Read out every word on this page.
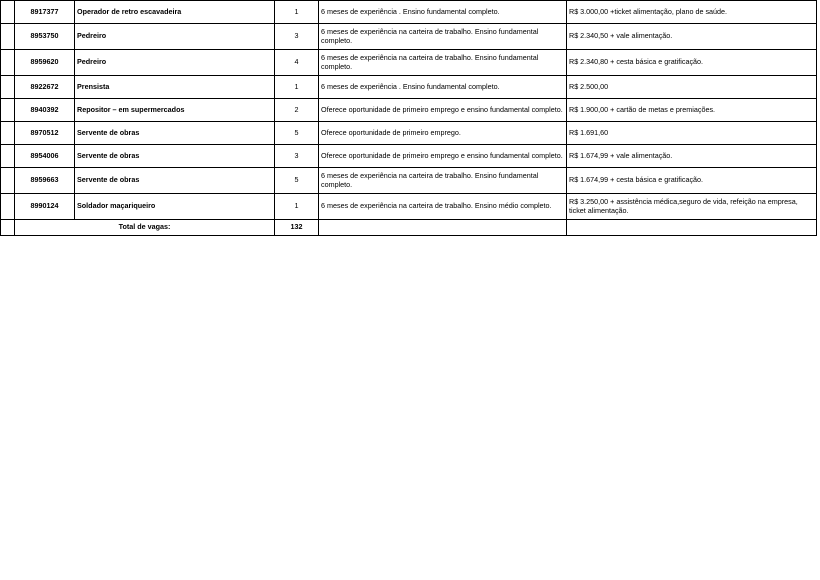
	8917377	Operador de retro escavadeira	1	6 meses de experiência . Ensino fundamental completo.	R$ 3.000,00 +ticket alimentação, plano de saúde.
	8953750	Pedreiro	3	6 meses de experiência na carteira de trabalho. Ensino fundamental completo.	R$ 2.340,50 + vale alimentação.
	8959620	Pedreiro	4	6 meses de experiência na carteira de trabalho. Ensino fundamental completo.	R$ 2.340,80 + cesta básica e gratificação.
	8922672	Prensista	1	6 meses de experiência . Ensino fundamental completo.	R$ 2.500,00
	8940392	Repositor – em supermercados	2	Oferece oportunidade de primeiro emprego e ensino fundamental completo.	R$ 1.900,00 + cartão de metas e premiações.
	8970512	Servente de obras	5	Oferece oportunidade de primeiro emprego.	R$ 1.691,60
	8954006	Servente de obras	3	Oferece oportunidade de primeiro emprego e ensino fundamental completo.	R$ 1.674,99 + vale alimentação.
	8959663	Servente de obras	5	6 meses de experiência na carteira de trabalho. Ensino fundamental completo.	R$ 1.674,99 + cesta básica e gratificação.
	8990124	Soldador maçariqueiro	1	6 meses de experiência na carteira de trabalho. Ensino médio completo.	R$ 3.250,00 + assistência médica,seguro de vida, refeição na empresa, ticket alimentação.
	Total de vagas:		132		
